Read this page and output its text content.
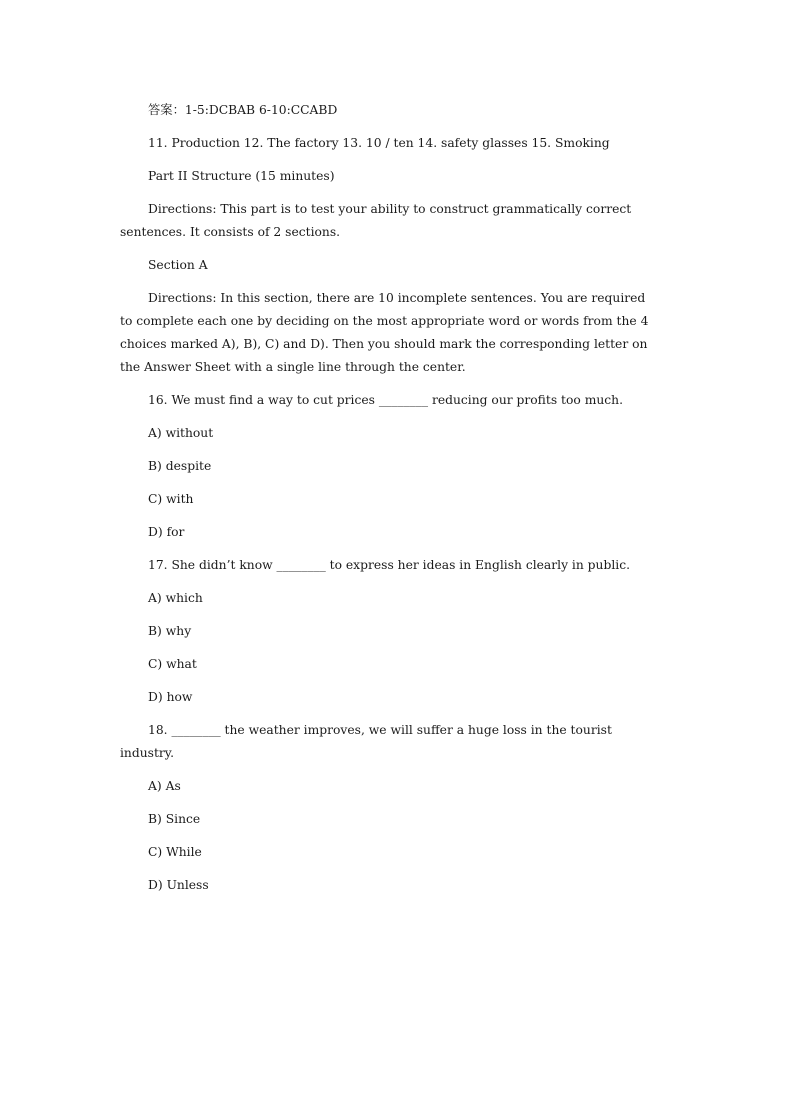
答案：1-5:DCBAB 6-10:CCABD

11. Production 12. The factory 13. 10 / ten 14. safety glasses 15. Smoking

Part II Structure (15 minutes)

Directions: This part is to test your ability to construct grammatically correct sentences. It consists of 2 sections.

Section A

Directions: In this section, there are 10 incomplete sentences. You are required to complete each one by deciding on the most appropriate word or words from the 4 choices marked A), B), C) and D). Then you should mark the corresponding letter on the Answer Sheet with a single line through the center.

16. We must find a way to cut prices ________ reducing our profits too much.

A) without

B) despite

C) with

D) for

17. She didn’t know ________ to express her ideas in English clearly in public.

A) which

B) why

C) what

D) how

18. ________ the weather improves, we will suffer a huge loss in the tourist industry.

A) As

B) Since

C) While

D) Unless
